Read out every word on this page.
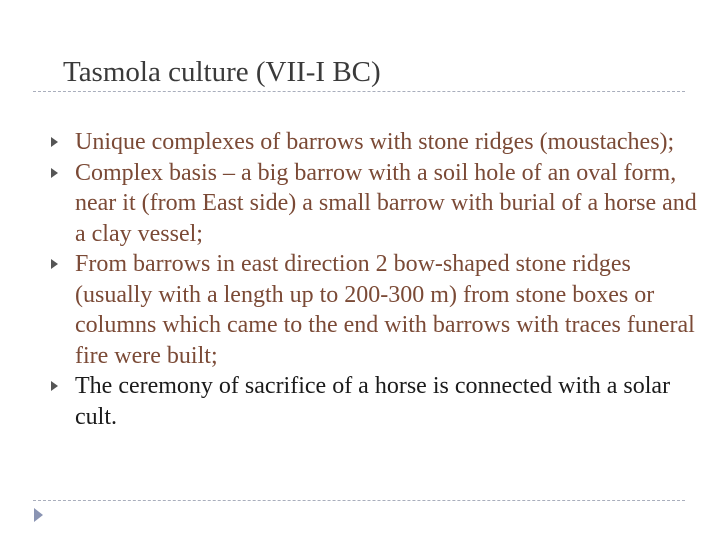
Tasmola culture (VII-I BC)
Unique complexes of barrows with stone ridges (moustaches);
Complex basis – a big barrow with a soil hole of an oval form, near it (from East side) a small barrow with burial of a horse and a clay vessel;
From barrows in east direction 2 bow-shaped stone ridges (usually with a length up to 200-300 m) from stone boxes or columns which came to the end with barrows with traces funeral fire were built;
The ceremony of sacrifice of a horse is connected with a solar cult.
